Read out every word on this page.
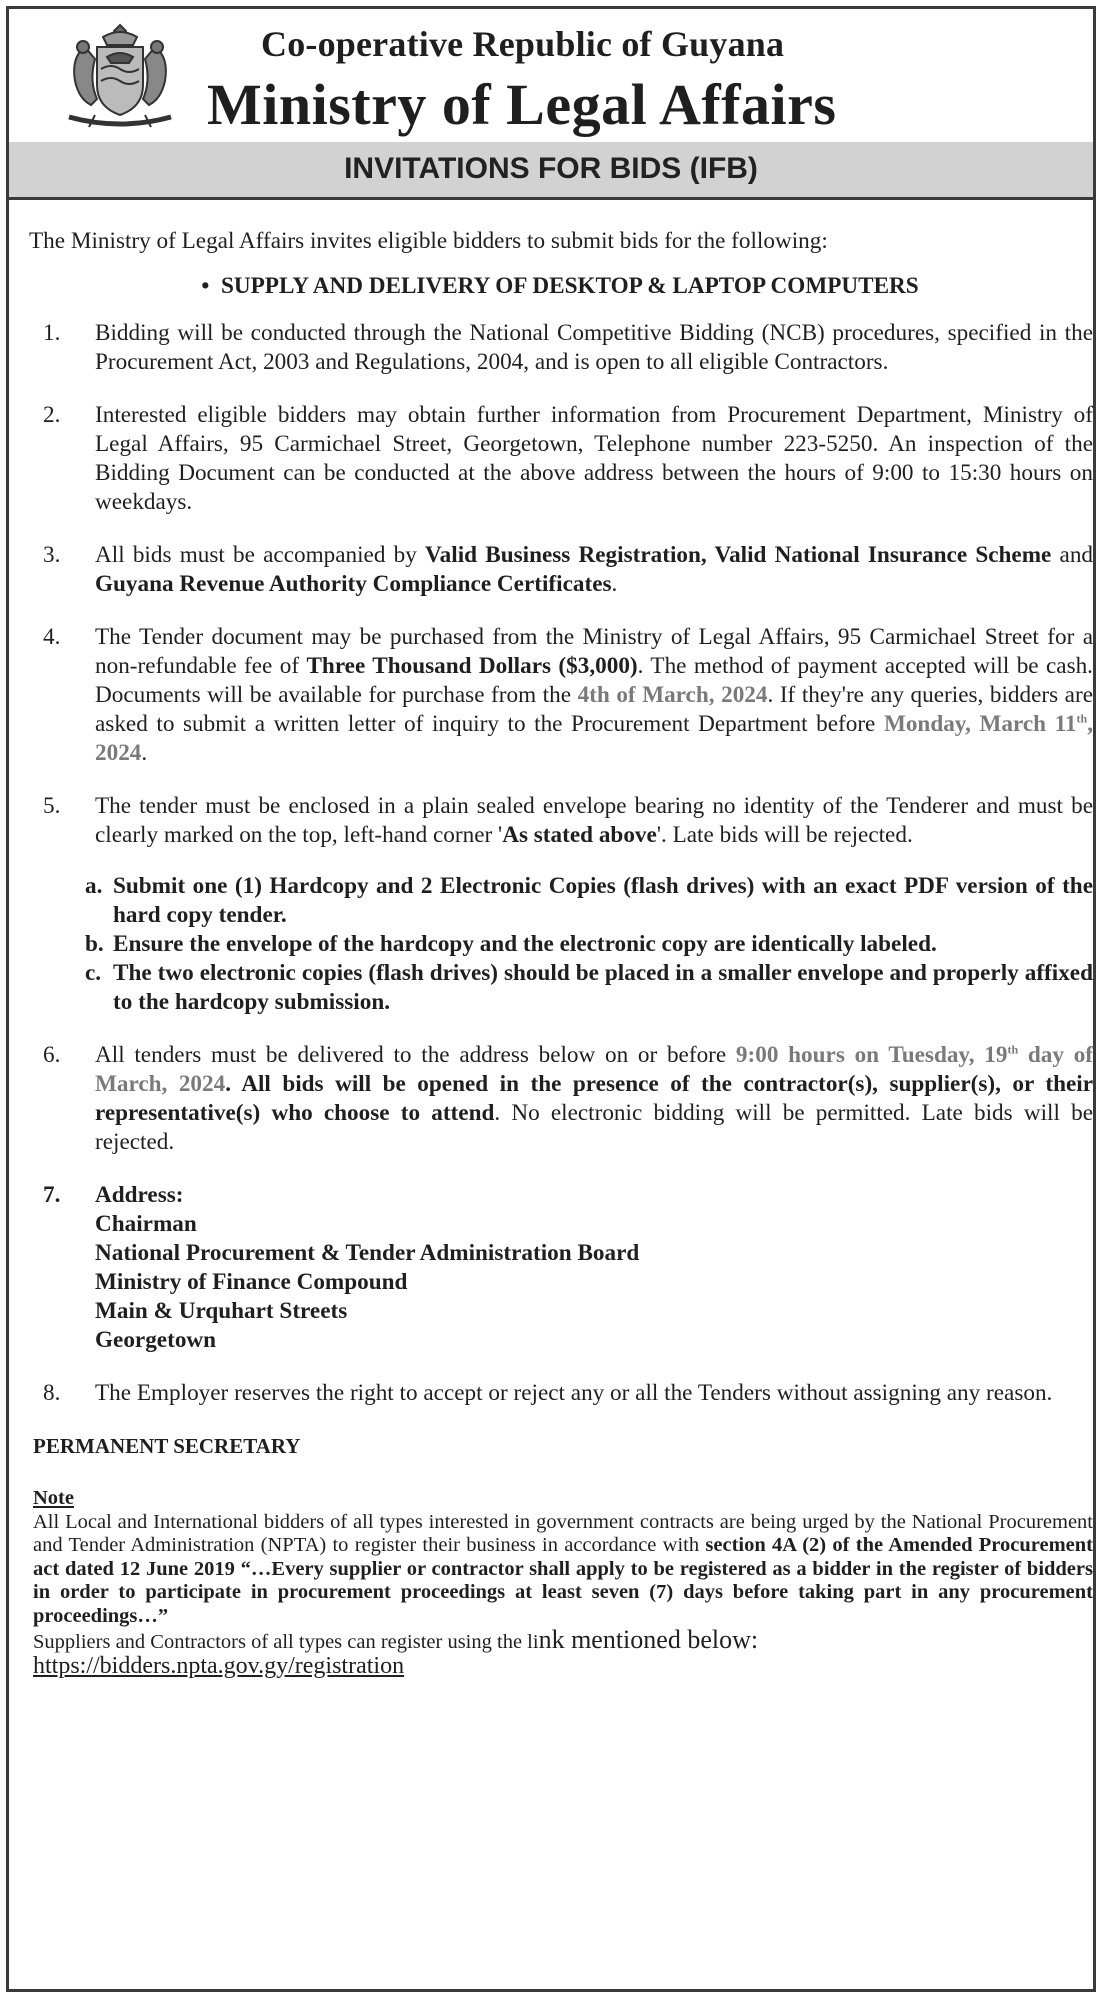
Co-operative Republic of Guyana
Ministry of Legal Affairs
INVITATIONS FOR BIDS (IFB)
The Ministry of Legal Affairs invites eligible bidders to submit bids for the following:
•  SUPPLY AND DELIVERY OF DESKTOP & LAPTOP COMPUTERS
1. Bidding will be conducted through the National Competitive Bidding (NCB) procedures, specified in the Procurement Act, 2003 and Regulations, 2004, and is open to all eligible Contractors.
2. Interested eligible bidders may obtain further information from Procurement Department, Ministry of Legal Affairs, 95 Carmichael Street, Georgetown, Telephone number 223-5250. An inspection of the Bidding Document can be conducted at the above address between the hours of 9:00 to 15:30 hours on weekdays.
3. All bids must be accompanied by Valid Business Registration, Valid National Insurance Scheme and Guyana Revenue Authority Compliance Certificates.
4. The Tender document may be purchased from the Ministry of Legal Affairs, 95 Carmichael Street for a non-refundable fee of Three Thousand Dollars ($3,000). The method of payment accepted will be cash. Documents will be available for purchase from the 4th of March, 2024. If they're any queries, bidders are asked to submit a written letter of inquiry to the Procurement Department before Monday, March 11th, 2024.
5. The tender must be enclosed in a plain sealed envelope bearing no identity of the Tenderer and must be clearly marked on the top, left-hand corner 'As stated above'. Late bids will be rejected.
a. Submit one (1) Hardcopy and 2 Electronic Copies (flash drives) with an exact PDF version of the hard copy tender.
b. Ensure the envelope of the hardcopy and the electronic copy are identically labeled.
c. The two electronic copies (flash drives) should be placed in a smaller envelope and properly affixed to the hardcopy submission.
6. All tenders must be delivered to the address below on or before 9:00 hours on Tuesday, 19th day of March, 2024. All bids will be opened in the presence of the contractor(s), supplier(s), or their representative(s) who choose to attend. No electronic bidding will be permitted. Late bids will be rejected.
7. Address:
Chairman
National Procurement & Tender Administration Board
Ministry of Finance Compound
Main & Urquhart Streets
Georgetown
8. The Employer reserves the right to accept or reject any or all the Tenders without assigning any reason.
PERMANENT SECRETARY
Note
All Local and International bidders of all types interested in government contracts are being urged by the National Procurement and Tender Administration (NPTA) to register their business in accordance with section 4A (2) of the Amended Procurement act dated 12 June 2019 “…Every supplier or contractor shall apply to be registered as a bidder in the register of bidders in order to participate in procurement proceedings at least seven (7) days before taking part in any procurement proceedings…”
Suppliers and Contractors of all types can register using the link mentioned below:
https://bidders.npta.gov.gy/registration
